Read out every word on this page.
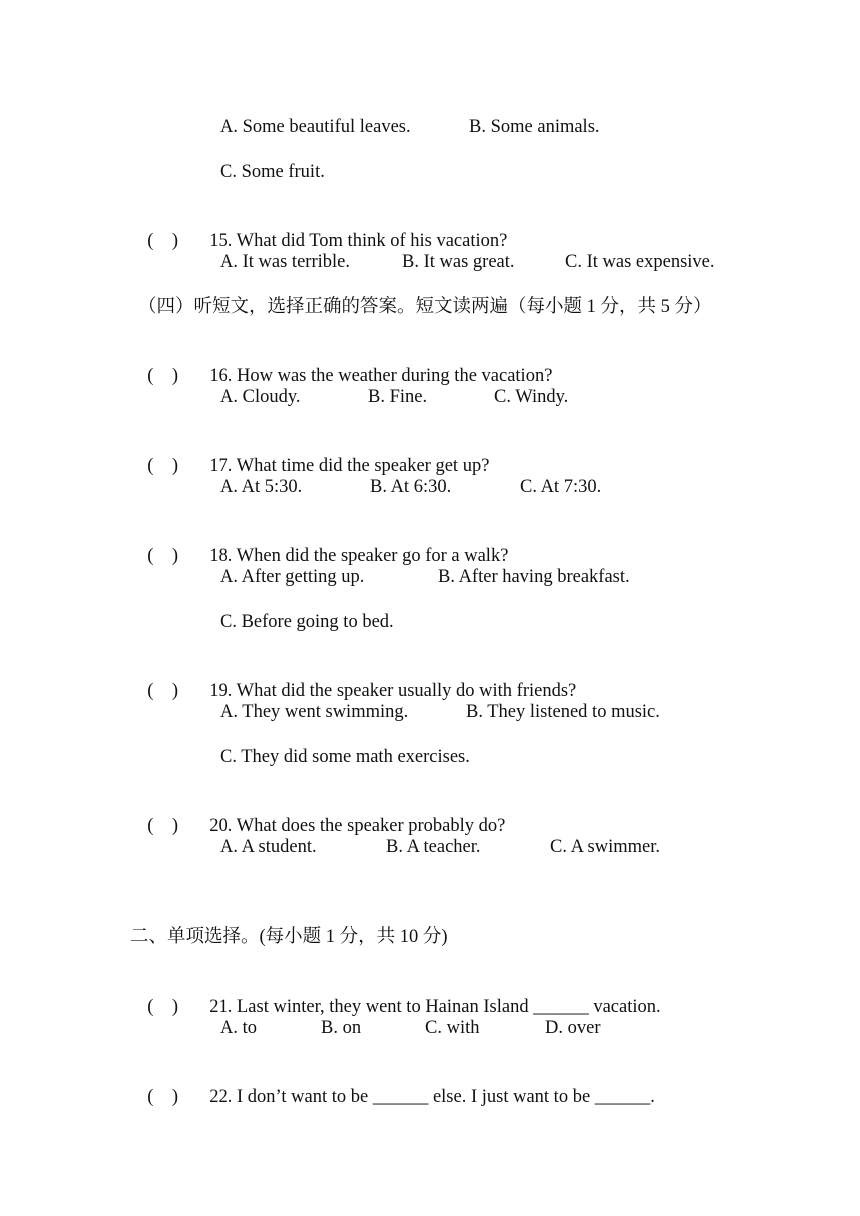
A. Some beautiful leaves.	B. Some animals.
C. Some fruit.

(    ) 15. What did Tom think of his vacation?

A. It was terrible.	B. It was great.	C. It was expensive.
（四）听短文，选择正确的答案。短文读两遍（每小题 1 分，共 5 分）

(    ) 16. How was the weather during the vacation?

A. Cloudy.	B. Fine.	C. Windy.

(    ) 17. What time did the speaker get up?

A. At 5:30.	B. At 6:30.	C. At 7:30.

(    ) 18. When did the speaker go for a walk?

A. After getting up.	B. After having breakfast.
C. Before going to bed.

(    ) 19. What did the speaker usually do with friends?

A. They went swimming.	B. They listened to music.
C. They did some math exercises.

(    ) 20. What does the speaker probably do?

A. A student.	B. A teacher.	C. A swimmer.
二、单项选择。(每小题 1 分，共 10 分)

(    ) 21. Last winter, they went to Hainan Island ______ vacation.

A. to	B. on	C. with	D. over

(    ) 22. I don’t want to be ______ else. I just want to be ______.
